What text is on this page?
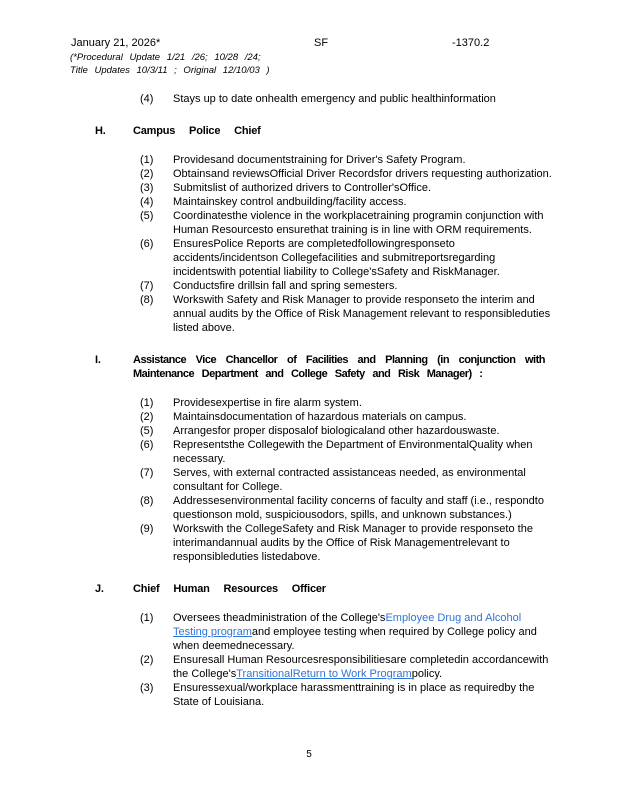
January 21, 2026*	SF	-1370.2
(*Procedural Update 1/21 /26; 10/28 /24;
Title Updates 10/3/11 ; Original 12/10/03 )
(4)	Stays up to date onhealth emergency and public healthinformation
H.	Campus Police Chief
(1)	Providesand documentstraining for Driver's Safety Program.
(2)	Obtainsand reviewsOfficial Driver Recordsfor drivers requesting authorization.
(3)	Submitslist of authorized drivers to Controller'sOffice.
(4)	Maintainskey control andbuilding/facility access.
(5)	Coordinatesthe violence in the workplacetraining programin conjunction with Human Resourcesto ensurethat training is in line with ORM requirements.
(6)	EnsuresPolice Reports are completedfollowingresponseto accidents/incidentson Collegefacilities and submitreportsregarding incidentswith potential liability to College'sSafety and RiskManager.
(7)	Conductsfire drillsin fall and spring semesters.
(8)	Workswith Safety and Risk Manager to provide responseto the interim and annual audits by the Office of Risk Management relevant to responsibleduties listed above.
I.	Assistance Vice Chancellor of Facilities and Planning (in conjunction with
Maintenance Department and College Safety and Risk Manager) :
(1)	Providesexpertise in fire alarm system.
(2)	Maintainsdocumentation of hazardous materials on campus.
(5)	Arrangesfor proper disposalof biologicaland other hazardouswaste.
(6)	Representsthe Collegewith the Department of EnvironmentalQuality when necessary.
(7)	Serves, with external contracted assistanceas needed, as environmental consultant for College.
(8)	Addressesenvironmental facility concerns of faculty and staff (i.e., respondto questionson mold, suspiciousodors, spills, and unknown substances.)
(9)	Workswith the CollegeSafety and Risk Manager to provide responseto the interimandannual audits by the Office of Risk Managementrelevant to responsibleduties listedabove.
J.	Chief Human Resources Officer
(1)	Oversees theadministration of the College'sEmployee Drug and Alcohol
Testing programand employee testing when required by College policy and when deemednecessary.
(2)	Ensuresall Human Resourcesresponsibilitiesare completedin accordancewith the College'sTransitionalReturn to Work Programpolicy.
(3)	Ensuressexual/workplace harassmenttraining is in place as requiredby the State of Louisiana.
5
